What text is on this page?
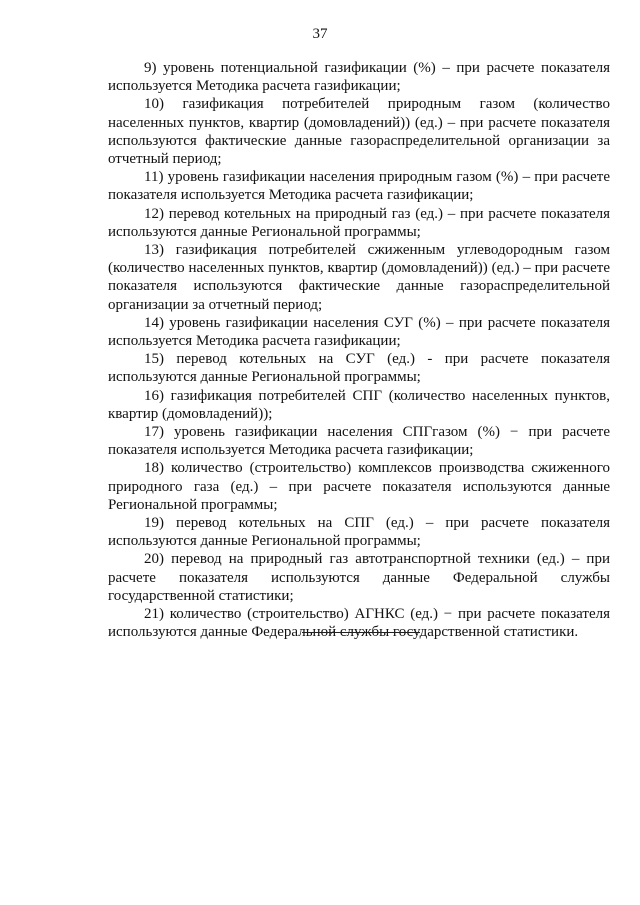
37

9) уровень потенциальной газификации (%) – при расчете показателя используется Методика расчета газификации;

10) газификация потребителей природным газом (количество населенных пунктов, квартир (домовладений)) (ед.) – при расчете показателя используются фактические данные газораспределительной организации за отчетный период;

11) уровень газификации населения природным газом (%) – при расчете показателя используется Методика расчета газификации;

12) перевод котельных на природный газ (ед.) – при расчете показателя используются данные Региональной программы;

13) газификация потребителей сжиженным углеводородным газом (количество населенных пунктов, квартир (домовладений)) (ед.) – при расчете показателя используются фактические данные газораспределительной организации за отчетный период;

14) уровень газификации населения СУГ (%) – при расчете показателя используется Методика расчета газификации;

15) перевод котельных на СУГ (ед.) - при расчете показателя используются данные Региональной программы;

16) газификация потребителей СПГ (количество населенных пунктов, квартир (домовладений));

17) уровень газификации населения СПГгазом (%) − при расчете показателя используется Методика расчета газификации;

18) количество (строительство) комплексов производства сжиженного природного газа (ед.) – при расчете показателя используются данные Региональной программы;

19) перевод котельных на СПГ (ед.) – при расчете показателя используются данные Региональной программы;

20) перевод на природный газ автотранспортной техники (ед.) – при расчете показателя используются данные Федеральной службы государственной статистики;

21) количество (строительство) АГНКС (ед.) − при расчете показателя используются данные Федеральной службы государственной статистики.
